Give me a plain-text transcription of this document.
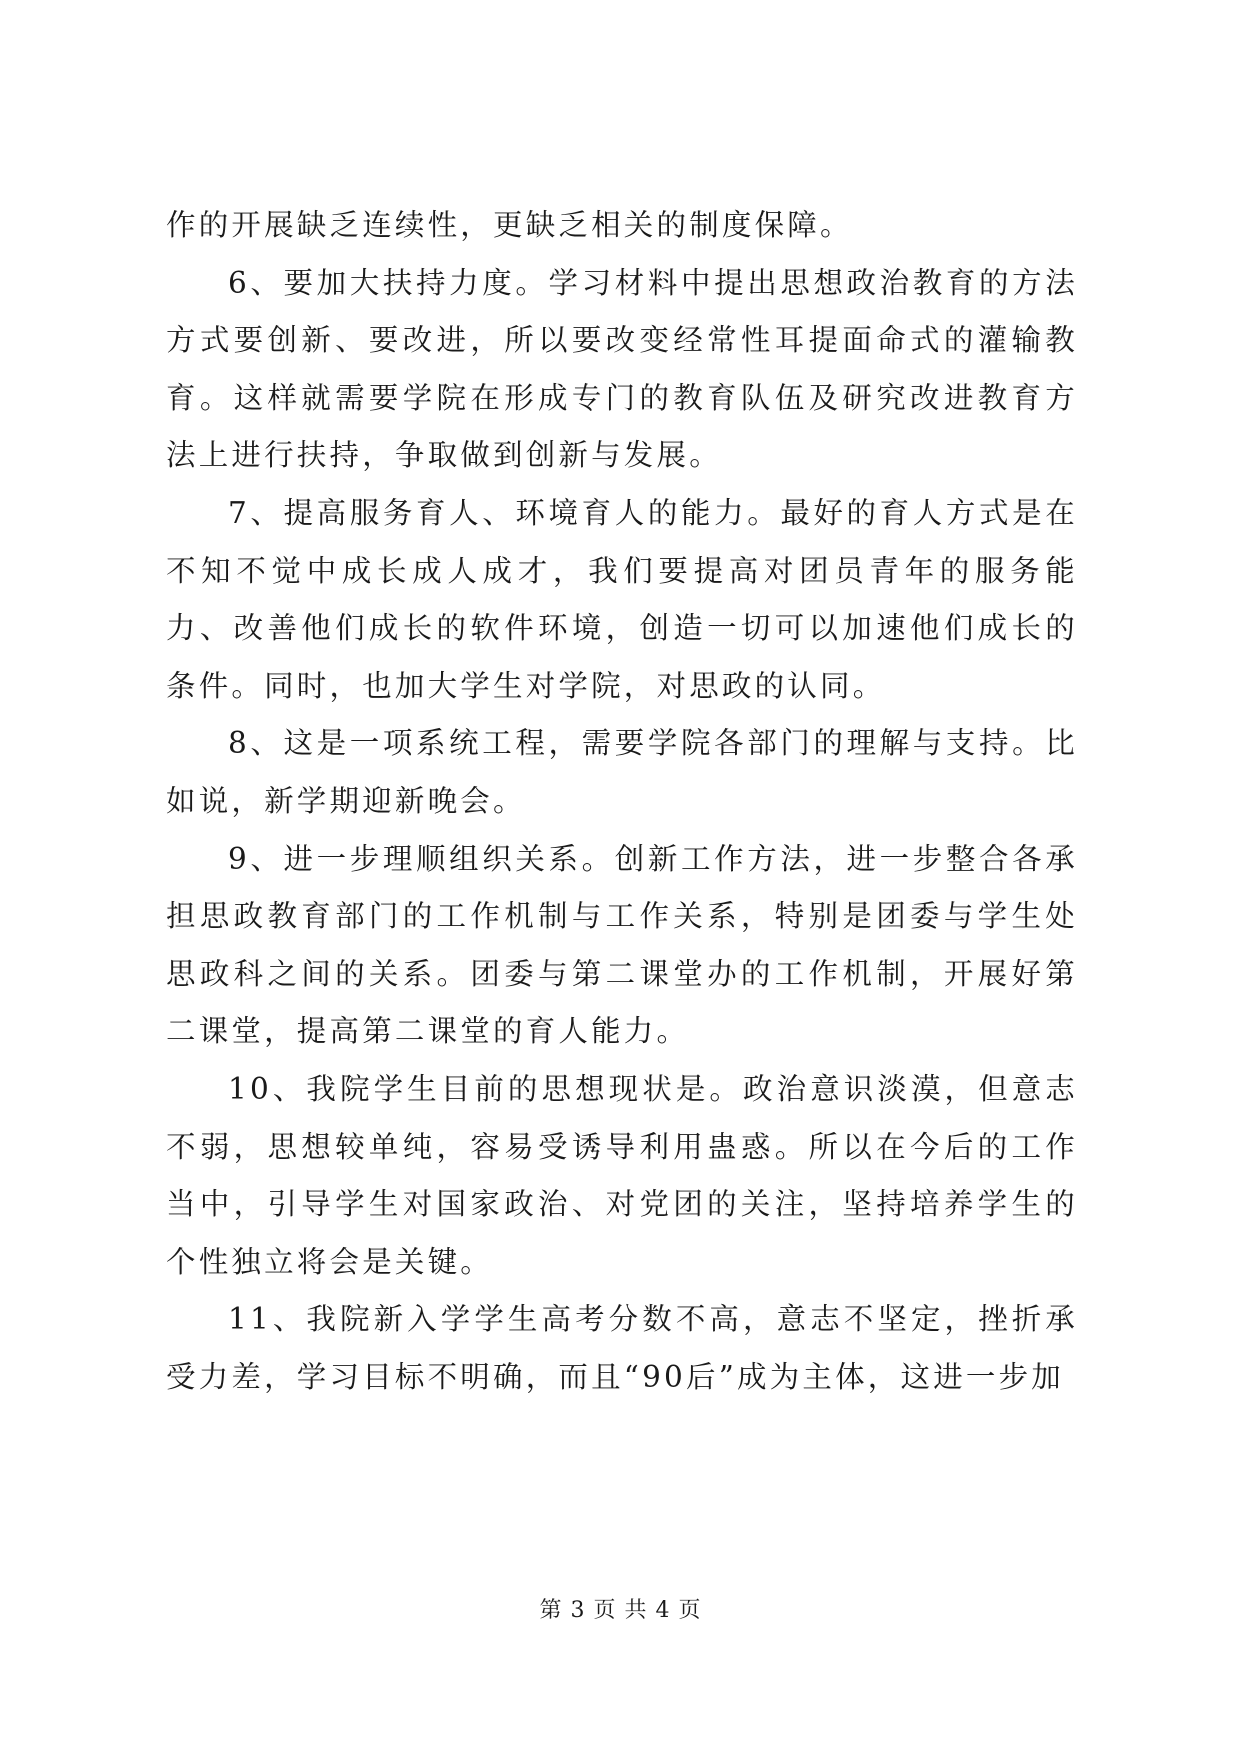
作的开展缺乏连续性，更缺乏相关的制度保障。

6、要加大扶持力度。学习材料中提出思想政治教育的方法方式要创新、要改进，所以要改变经常性耳提面命式的灌输教育。这样就需要学院在形成专门的教育队伍及研究改进教育方法上进行扶持，争取做到创新与发展。

7、提高服务育人、环境育人的能力。最好的育人方式是在不知不觉中成长成人成才，我们要提高对团员青年的服务能力、改善他们成长的软件环境，创造一切可以加速他们成长的条件。同时，也加大学生对学院，对思政的认同。

8、这是一项系统工程，需要学院各部门的理解与支持。比如说，新学期迎新晚会。

9、进一步理顺组织关系。创新工作方法，进一步整合各承担思政教育部门的工作机制与工作关系，特别是团委与学生处思政科之间的关系。团委与第二课堂办的工作机制，开展好第二课堂，提高第二课堂的育人能力。

10、我院学生目前的思想现状是。政治意识淡漠，但意志不弱，思想较单纯，容易受诱导利用蛊惑。所以在今后的工作当中，引导学生对国家政治、对党团的关注，坚持培养学生的个性独立将会是关键。

11、我院新入学学生高考分数不高，意志不坚定，挫折承受力差，学习目标不明确，而且“90后”成为主体，这进一步加

第 3 页 共 4 页
